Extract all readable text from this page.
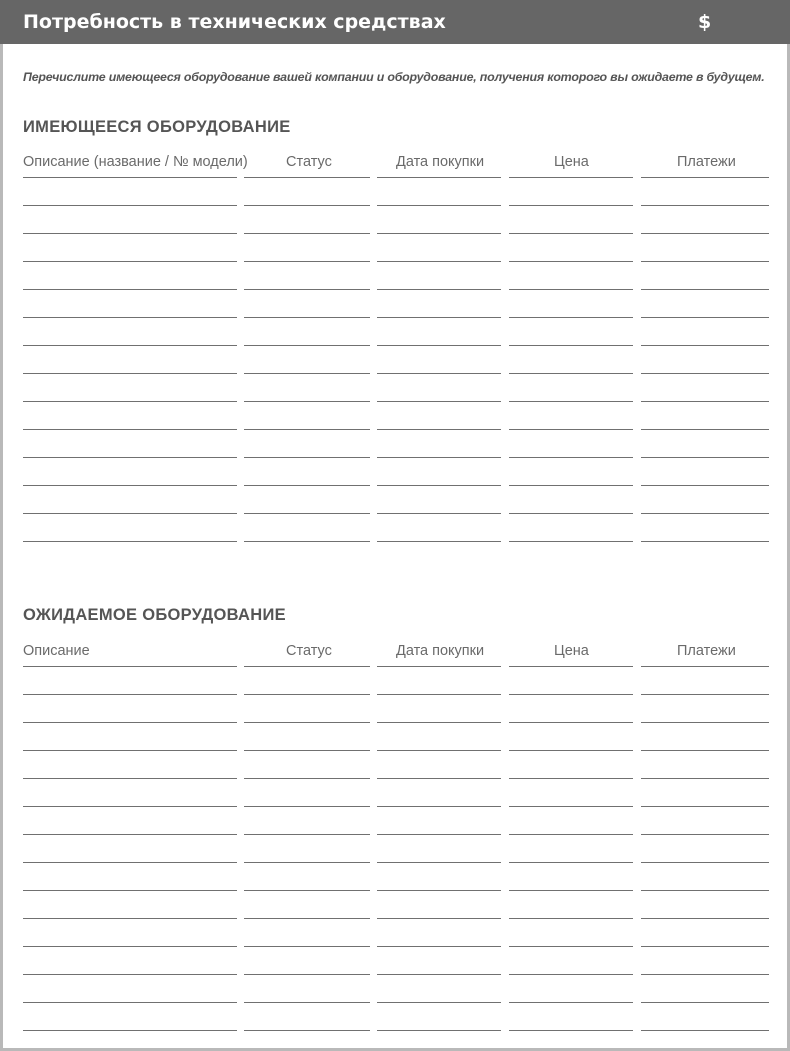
Потребность в технических средствах	$
Перечислите имеющееся оборудование вашей компании и оборудование, получения которого вы ожидаете в будущем.
ИМЕЮЩЕЕСЯ ОБОРУДОВАНИЕ
Описание (название / № модели)	Статус	Дата покупки	Цена	Платежи
ОЖИДАЕМОЕ ОБОРУДОВАНИЕ
Описание	Статус	Дата покупки	Цена	Платежи
